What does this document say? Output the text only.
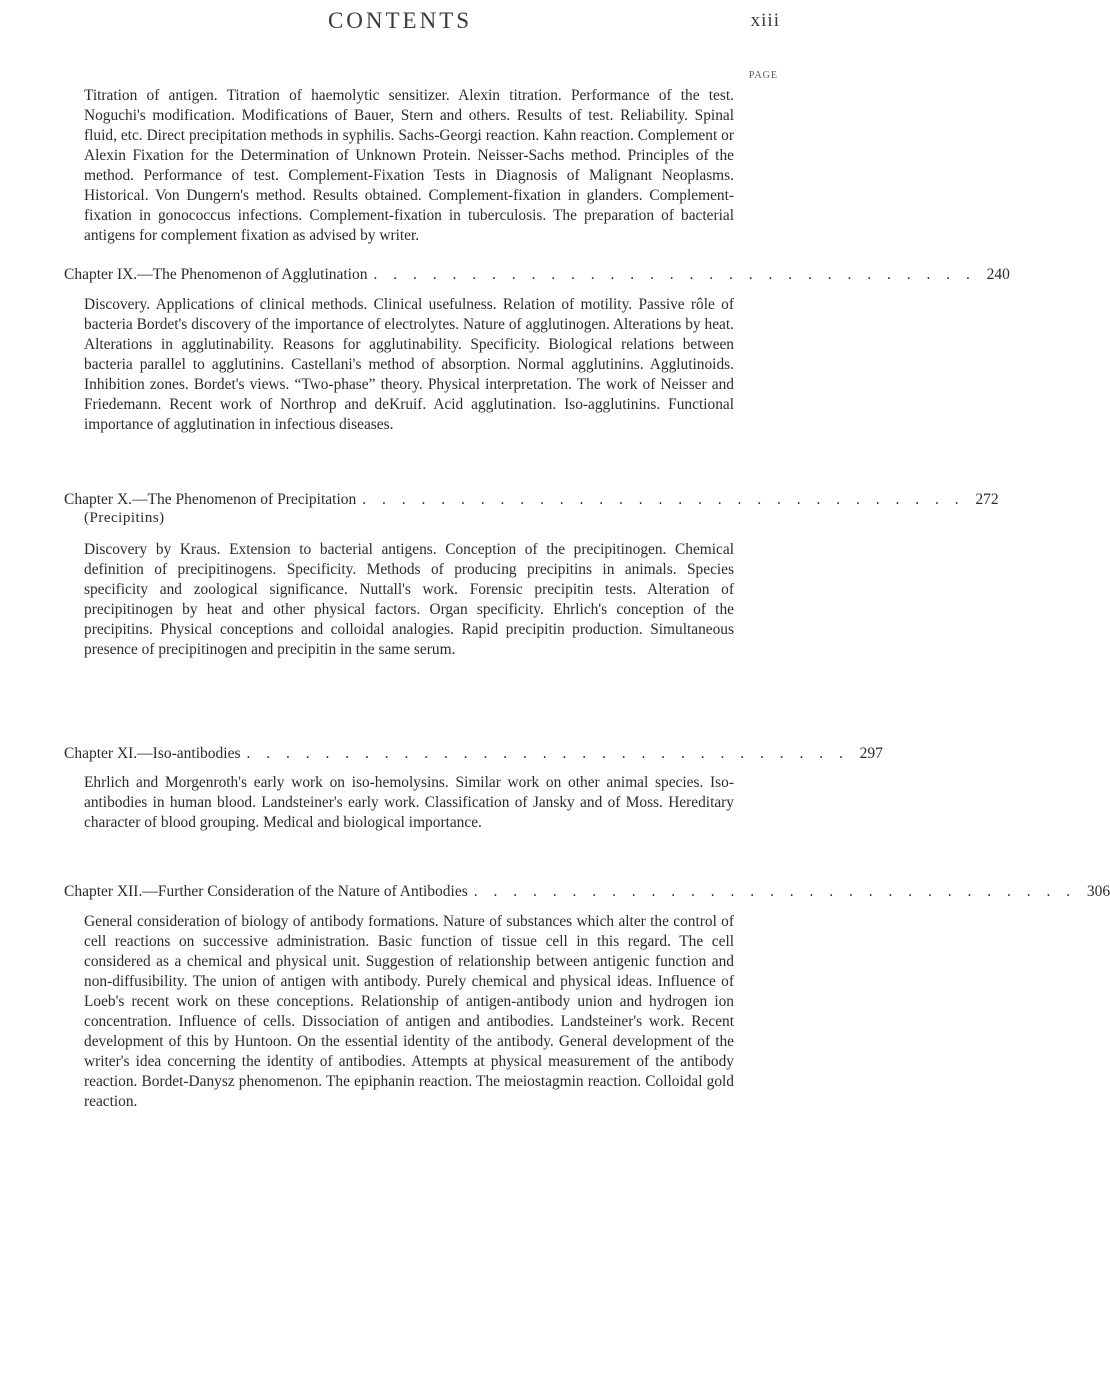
CONTENTS	xiii
PAGE

Titration of antigen. Titration of haemolytic sensitizer. Alexin titration. Performance of the test. Noguchi's modification. Modifications of Bauer, Stern and others. Results of test. Reliability. Spinal fluid, etc. Direct precipitation methods in syphilis. Sachs-Georgi reaction. Kahn reaction. Complement or Alexin Fixation for the Determination of Unknown Protein. Neisser-Sachs method. Principles of the method. Performance of test. Complement-Fixation Tests in Diagnosis of Malignant Neoplasms. Historical. Von Dungern's method. Results obtained. Complement-fixation in glanders. Complement-fixation in gonococcus infections. Complement-fixation in tuberculosis. The preparation of bacterial antigens for complement fixation as advised by writer.

Chapter IX.—The Phenomenon of Agglutination . . . . . . . . . . . . . . . . . . . . . . . . . . . . . . . 240

Discovery. Applications of clinical methods. Clinical usefulness. Relation of motility. Passive rôle of bacteria Bordet's discovery of the importance of electrolytes. Nature of agglutinogen. Alterations by heat. Alterations in agglutinability. Reasons for agglutinability. Specificity. Biological relations between bacteria parallel to agglutinins. Castellani's method of absorption. Normal agglutinins. Agglutinoids. Inhibition zones. Bordet's views. “Two-phase” theory. Physical interpretation. The work of Neisser and Friedemann. Recent work of Northrop and deKruif. Acid agglutination. Iso-agglutinins. Functional importance of agglutination in infectious diseases.

Chapter X.—The Phenomenon of Precipitation . . . . . . . . . . . . . . . . . . . . . . . . . . . . . . . 272
(Precipitins)

Discovery by Kraus. Extension to bacterial antigens. Conception of the precipitinogen. Chemical definition of precipitinogens. Specificity. Methods of producing precipitins in animals. Species specificity and zoological significance. Nuttall's work. Forensic precipitin tests. Alteration of precipitinogen by heat and other physical factors. Organ specificity. Ehrlich's conception of the precipitins. Physical conceptions and colloidal analogies. Rapid precipitin production. Simultaneous presence of precipitinogen and precipitin in the same serum.

Chapter XI.—Iso-antibodies . . . . . . . . . . . . . . . . . . . . . . . . . . . . . . . 297

Ehrlich and Morgenroth's early work on iso-hemolysins. Similar work on other animal species. Iso-antibodies in human blood. Landsteiner's early work. Classification of Jansky and of Moss. Hereditary character of blood grouping. Medical and biological importance.

Chapter XII.—Further Consideration of the Nature of Antibodies . . . . . . . . . . . . . . . . . . . . . . . . . . . . . . . 306

General consideration of biology of antibody formations. Nature of substances which alter the control of cell reactions on successive administration. Basic function of tissue cell in this regard. The cell considered as a chemical and physical unit. Suggestion of relationship between antigenic function and non-diffusibility. The union of antigen with antibody. Purely chemical and physical ideas. Influence of Loeb's recent work on these conceptions. Relationship of antigen-antibody union and hydrogen ion concentration. Influence of cells. Dissociation of antigen and antibodies. Landsteiner's work. Recent development of this by Huntoon. On the essential identity of the antibody. General development of the writer's idea concerning the identity of antibodies. Attempts at physical measurement of the antibody reaction. Bordet-Danysz phenomenon. The epiphanin reaction. The meiostagmin reaction. Colloidal gold reaction.
